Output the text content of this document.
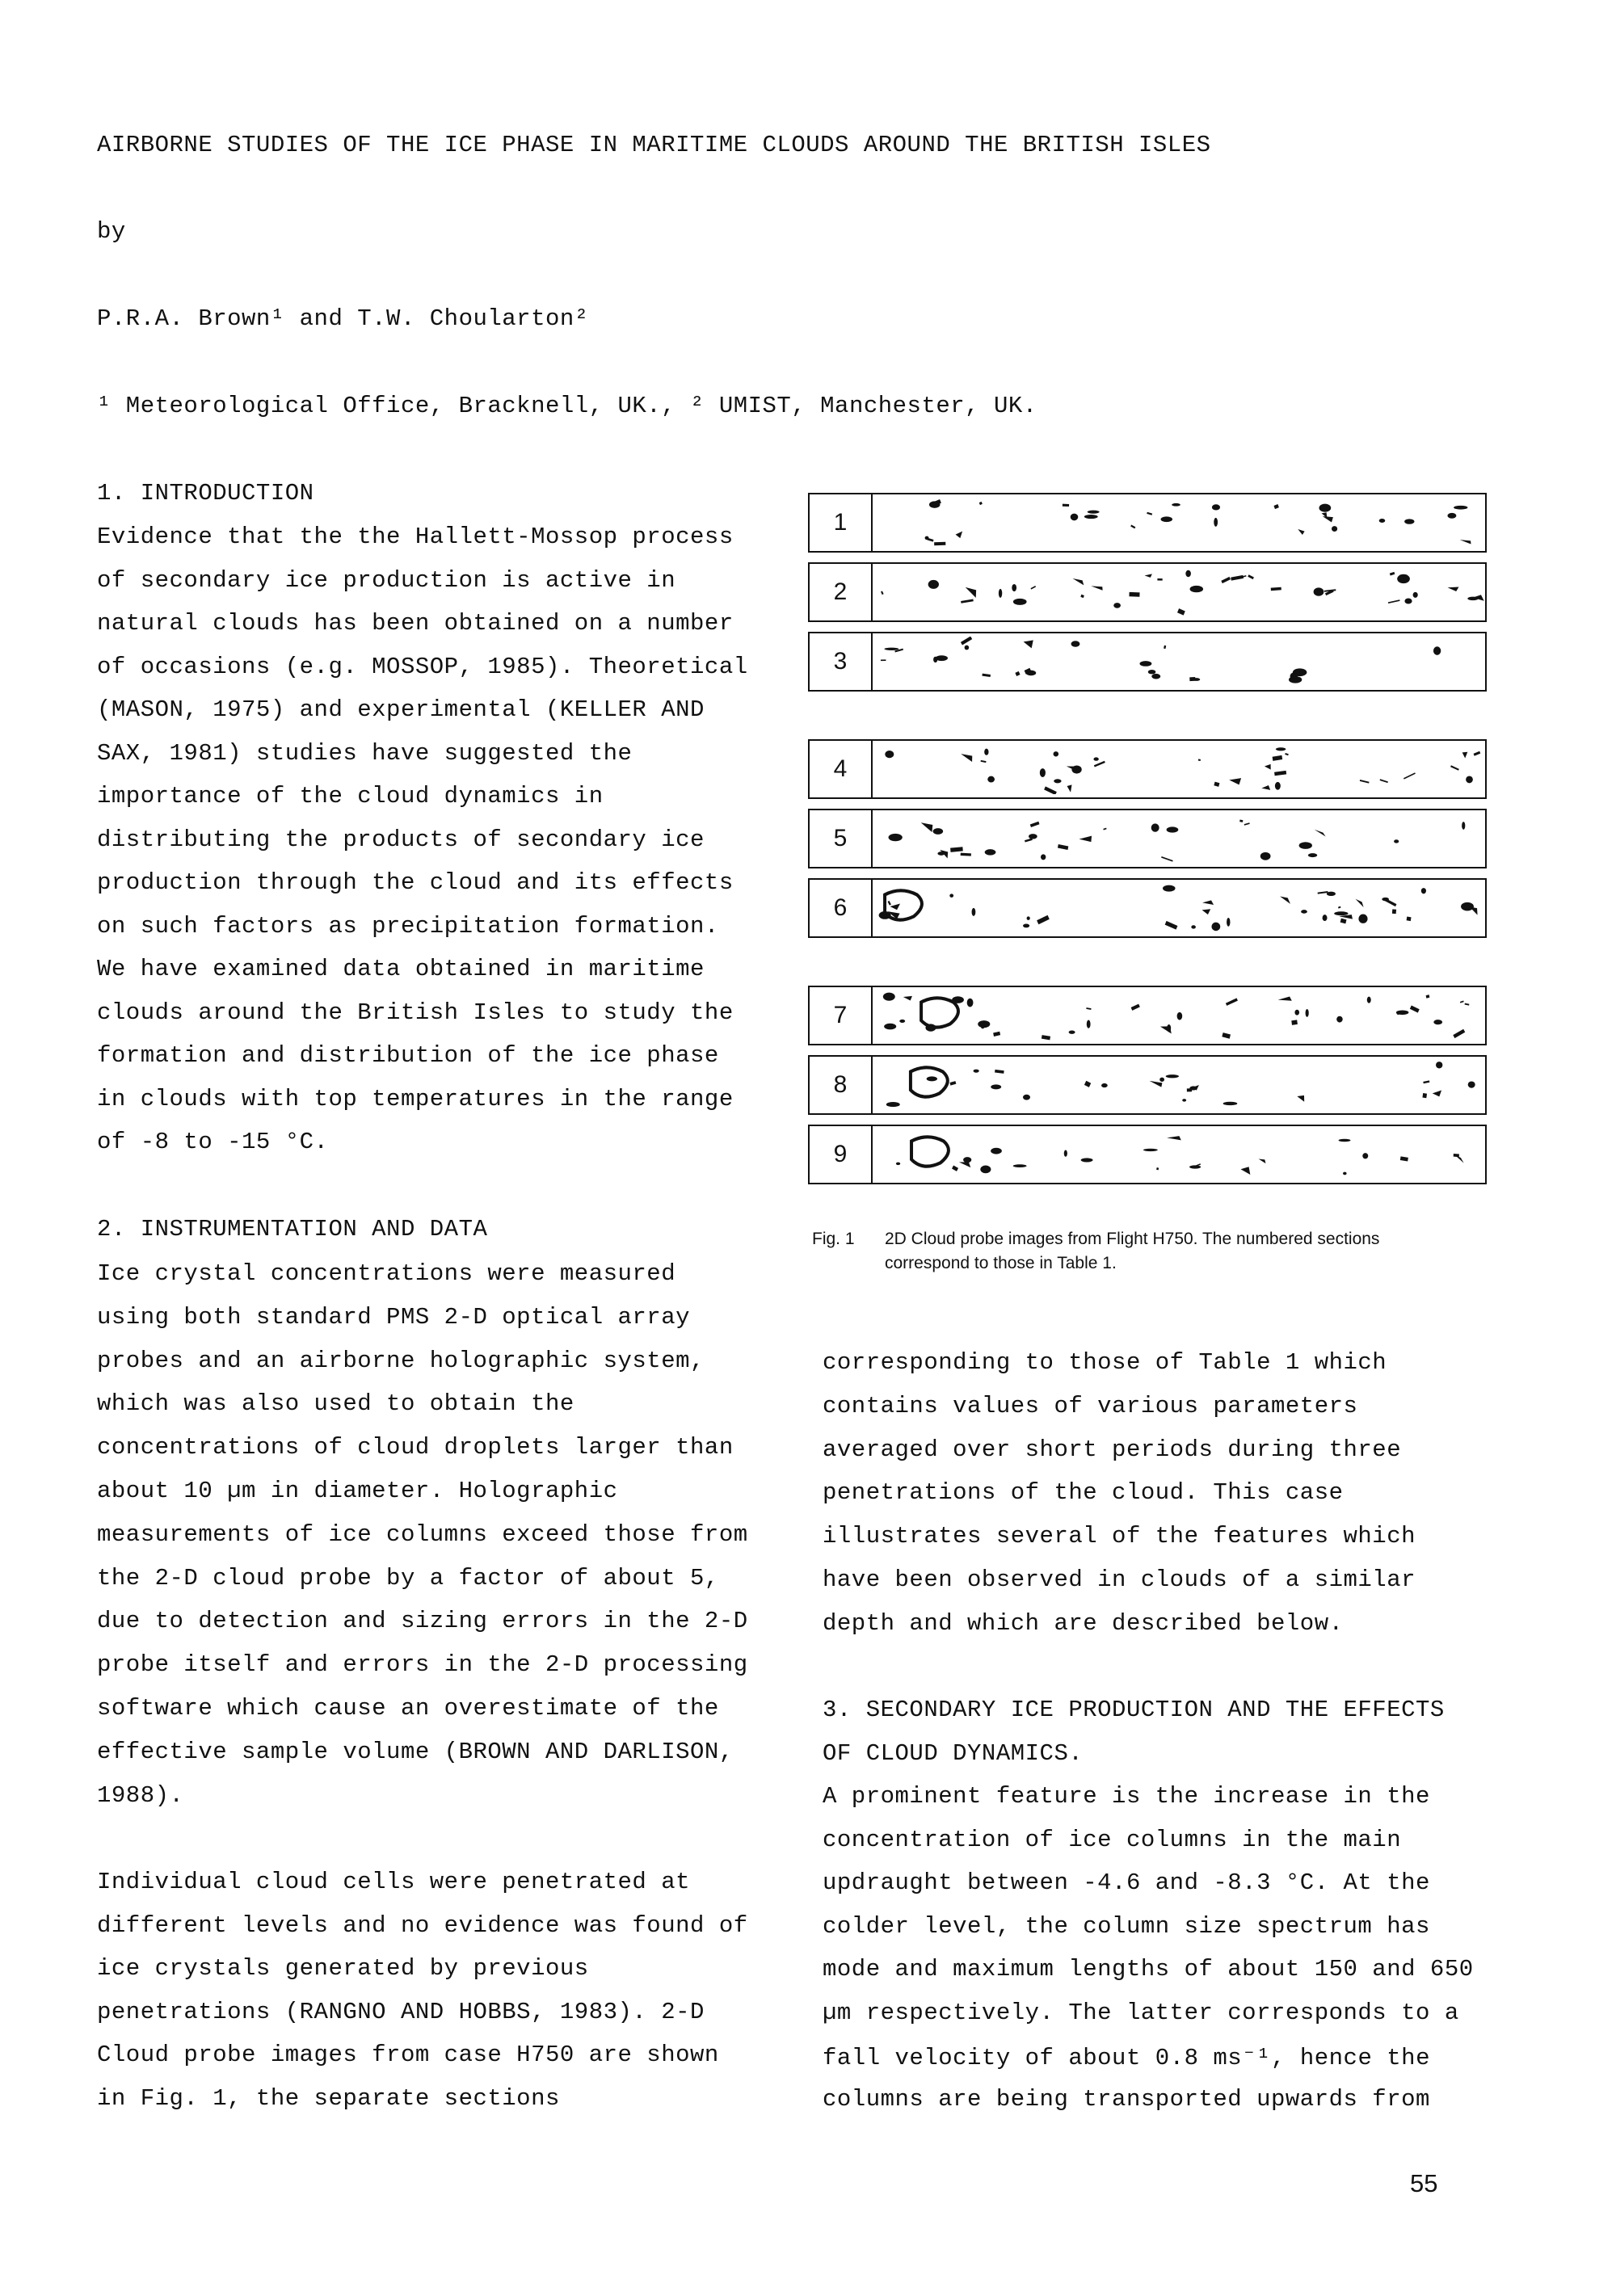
AIRBORNE STUDIES OF THE ICE PHASE IN MARITIME CLOUDS AROUND THE BRITISH ISLES
by
P.R.A. Brown¹ and T.W. Choularton²
¹ Meteorological Office, Bracknell, UK., ² UMIST, Manchester, UK.
1. INTRODUCTION
Evidence that the the Hallett-Mossop process
of secondary ice production is active in
natural clouds has been obtained on a number
of occasions (e.g. MOSSOP, 1985). Theoretical
(MASON, 1975) and experimental (KELLER AND
SAX, 1981) studies have suggested the
importance of the cloud dynamics in
distributing the products of secondary ice
production through the cloud and its effects
on such factors as precipitation formation.
We have examined data obtained in maritime
clouds around the British Isles to study the
formation and distribution of the ice phase
in clouds with top temperatures in the range
of -8 to -15 °C.
2. INSTRUMENTATION AND DATA
Ice crystal concentrations were measured
using both standard PMS 2-D optical array
probes and an airborne holographic system,
which was also used to obtain the
concentrations of cloud droplets larger than
about 10 µm in diameter. Holographic
measurements of ice columns exceed those from
the 2-D cloud probe by a factor of about 5,
due to detection and sizing errors in the 2-D
probe itself and errors in the 2-D processing
software which cause an overestimate of the
effective sample volume (BROWN AND DARLISON,
1988).
Individual cloud cells were penetrated at
different levels and no evidence was found of
ice crystals generated by previous
penetrations (RANGNO AND HOBBS, 1983). 2-D
Cloud probe images from case H750 are shown
in Fig. 1, the separate sections
1
2
3
4
5
6
7
8
9
Fig. 1 2D Cloud probe images from Flight H750. The numbered sections
correspond to those in Table 1.
corresponding to those of Table 1 which
contains values of various parameters
averaged over short periods during three
penetrations of the cloud. This case
illustrates several of the features which
have been observed in clouds of a similar
depth and which are described below.
3. SECONDARY ICE PRODUCTION AND THE EFFECTS
OF CLOUD DYNAMICS.
A prominent feature is the increase in the
concentration of ice columns in the main
updraught between -4.6 and -8.3 °C. At the
colder level, the column size spectrum has
mode and maximum lengths of about 150 and 650
µm respectively. The latter corresponds to a
fall velocity of about 0.8 ms⁻¹, hence the
columns are being transported upwards from
55
